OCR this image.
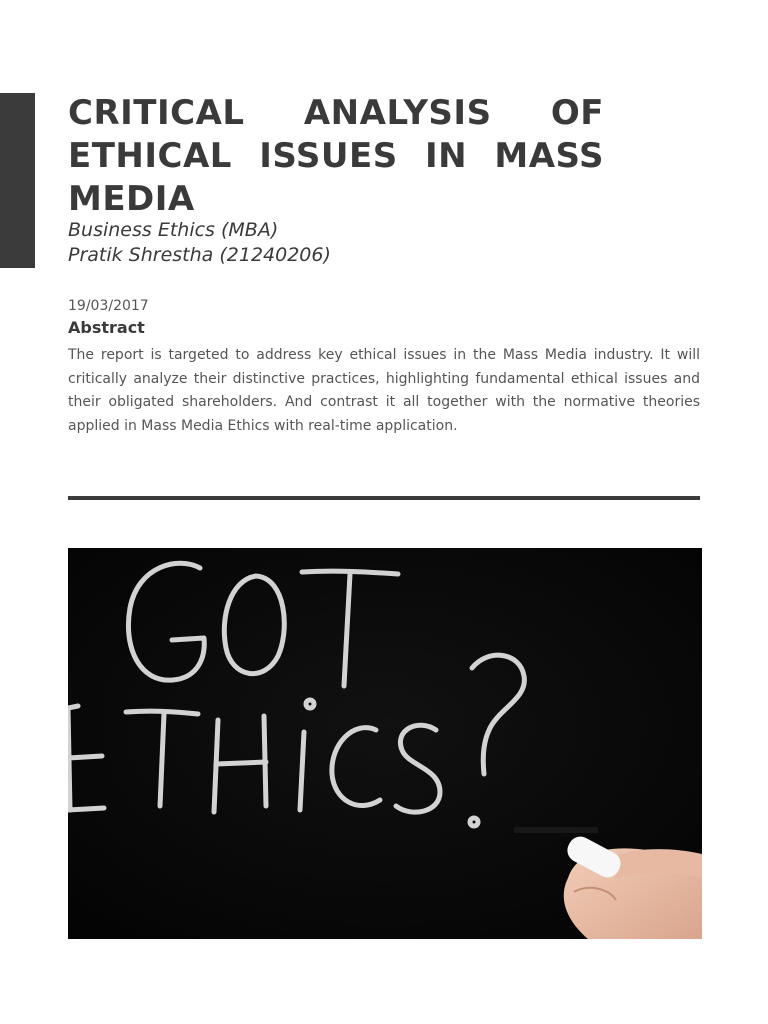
CRITICAL ANALYSIS OF ETHICAL ISSUES IN MASS MEDIA
Business Ethics (MBA)
Pratik Shrestha (21240206)
19/03/2017
Abstract

The report is targeted to address key ethical issues in the Mass Media industry. It will critically analyze their distinctive practices, highlighting fundamental ethical issues and their obligated shareholders. And contrast it all together with the normative theories applied in Mass Media Ethics with real-time application.
